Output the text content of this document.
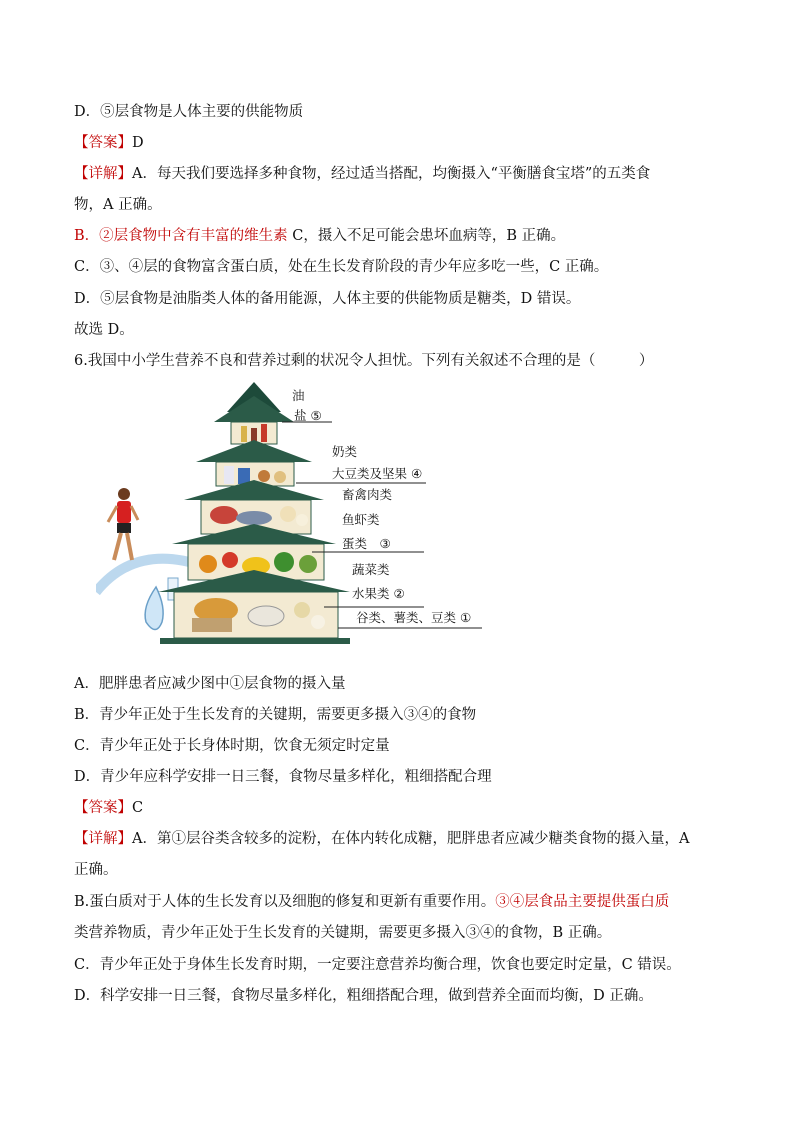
D．⑤层食物是人体主要的供能物质
【答案】D
【详解】A．每天我们要选择多种食物，经过适当搭配，均衡摄入“平衡膳食宝塔”的五类食
物，A 正确。
B．②层食物中含有丰富的维生素 C，摄入不足可能会患坏血病等，B 正确。
C．③、④层的食物富含蛋白质，处在生长发育阶段的青少年应多吃一些，C 正确。
D．⑤层食物是油脂类人体的备用能源，人体主要的供能物质是糖类，D 错误。
故选 D。
6.我国中小学生营养不良和营养过剩的状况令人担忧。下列有关叙述不合理的是（　　　）
油
盐 ⑤
奶类
大豆类及坚果 ④
畜禽肉类
鱼虾类
蛋类　③
蔬菜类
水果类 ②
谷类、薯类、豆类 ①
A．肥胖患者应减少图中①层食物的摄入量
B．青少年正处于生长发育的关键期，需要更多摄入③④的食物
C．青少年正处于长身体时期，饮食无须定时定量
D．青少年应科学安排一日三餐，食物尽量多样化，粗细搭配合理
【答案】C
【详解】A．第①层谷类含较多的淀粉，在体内转化成糖，肥胖患者应减少糖类食物的摄入量，A
正确。
B.蛋白质对于人体的生长发育以及细胞的修复和更新有重要作用。③④层食品主要提供蛋白质
类营养物质，青少年正处于生长发育的关键期，需要更多摄入③④的食物，B 正确。
C．青少年正处于身体生长发育时期，一定要注意营养均衡合理，饮食也要定时定量，C 错误。
D．科学安排一日三餐，食物尽量多样化，粗细搭配合理，做到营养全面而均衡，D 正确。
